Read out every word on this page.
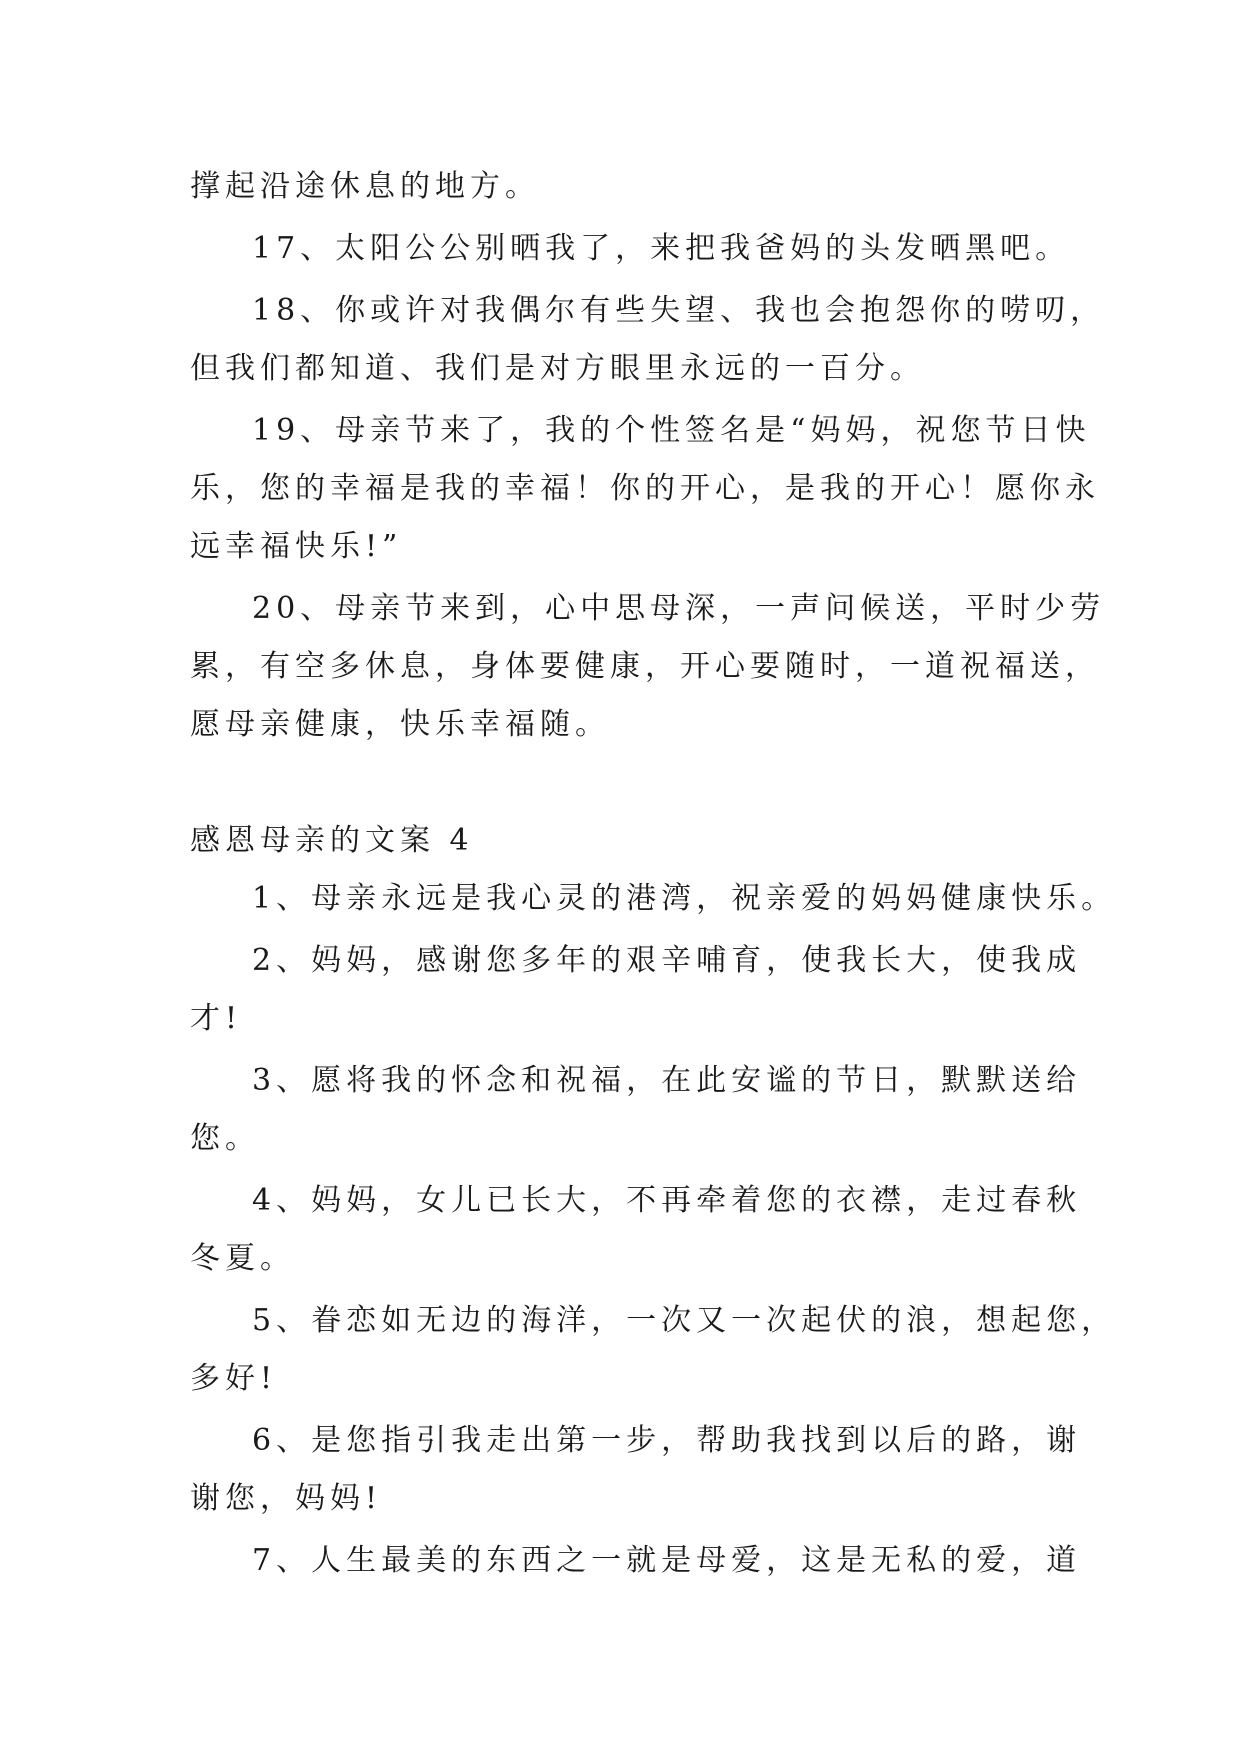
撑起沿途休息的地方。
17、太阳公公别晒我了，来把我爸妈的头发晒黑吧。
18、你或许对我偶尔有些失望、我也会抱怨你的唠叨，
但我们都知道、我们是对方眼里永远的一百分。
19、母亲节来了，我的个性签名是“妈妈，祝您节日快
乐，您的幸福是我的幸福！你的开心，是我的开心！愿你永
远幸福快乐!”
20、母亲节来到，心中思母深，一声问候送，平时少劳
累，有空多休息，身体要健康，开心要随时，一道祝福送，
愿母亲健康，快乐幸福随。
感恩母亲的文案 4
1、母亲永远是我心灵的港湾，祝亲爱的妈妈健康快乐。
2、妈妈，感谢您多年的艰辛哺育，使我长大，使我成
才!
3、愿将我的怀念和祝福，在此安谧的节日，默默送给
您。
4、妈妈，女儿已长大，不再牵着您的衣襟，走过春秋
冬夏。
5、眷恋如无边的海洋，一次又一次起伏的浪，想起您，
多好!
6、是您指引我走出第一步，帮助我找到以后的路，谢
谢您，妈妈!
7、人生最美的东西之一就是母爱，这是无私的爱，道
